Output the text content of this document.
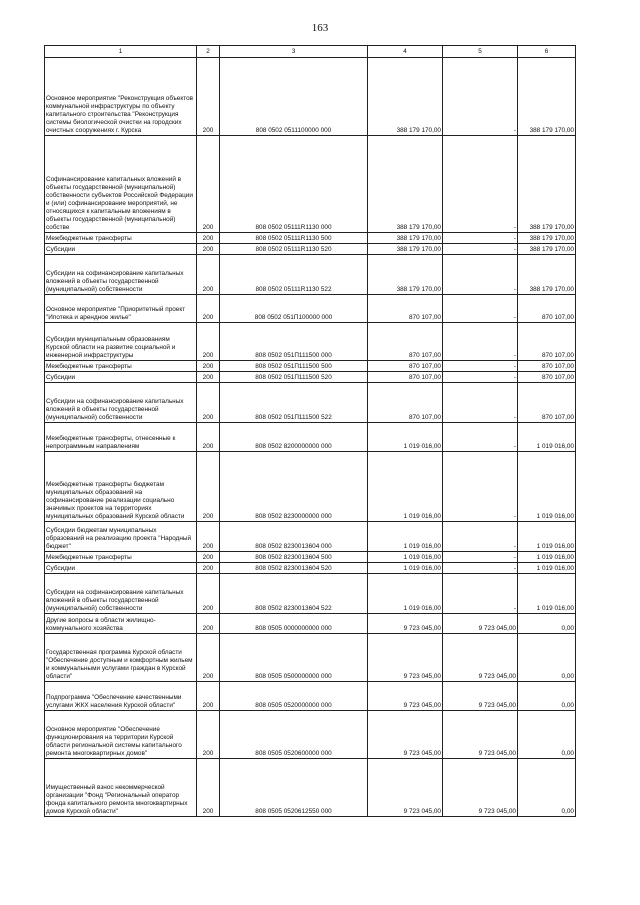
163
1	2	3	4	5	6
Основное мероприятие "Реконструкция объектов коммунальной инфраструктуры по объекту капитального строительства "Реконструкция системы биологической очистки на городских очистных сооружениях г. Курска	200	808 0502 0511100000 000	388 179 170,00	-	388 179 170,00
Софинансирование капитальных вложений в объекты государственной (муниципальной) собственности субъектов Российской Федерации и (или) софинансирование мероприятий, не относящихся к капитальным вложениям в объекты государственной (муниципальной) собстве	200	808 0502 05111R1130 000	388 179 170,00	-	388 179 170,00
Межбюджетные трансферты	200	808 0502 05111R1130 500	388 179 170,00	-	388 179 170,00
Субсидии	200	808 0502 05111R1130 520	388 179 170,00	-	388 179 170,00
Субсидии на софинансирование капитальных вложений в объекты государственной (муниципальной) собственности	200	808 0502 05111R1130 522	388 179 170,00	-	388 179 170,00
Основное мероприятие "Приоритетный проект "Ипотека и арендное жилье"	200	808 0502 051П100000 000	870 107,00	-	870 107,00
Субсидии муниципальным образованиям Курской области на развитие социальной и инженерной инфраструктуры	200	808 0502 051П111500 000	870 107,00	-	870 107,00
Межбюджетные трансферты	200	808 0502 051П111500 500	870 107,00	-	870 107,00
Субсидии	200	808 0502 051П111500 520	870 107,00	-	870 107,00
Субсидии на софинансирование капитальных вложений в объекты государственной (муниципальной) собственности	200	808 0502 051П111500 522	870 107,00	-	870 107,00
Межбюджетные трансферты, отнесенные к непрограммным направлениям	200	808 0502 8200000000 000	1 019 016,00	-	1 019 016,00
Межбюджетные трансферты бюджетам муниципальных образований на софинансирование реализации социально значимых проектов на территориях муниципальных образований Курской области	200	808 0502 8230000000 000	1 019 016,00	-	1 019 016,00
Субсидии бюджетам муниципальных образований на реализацию проекта "Народный бюджет"	200	808 0502 8230013604 000	1 019 016,00	-	1 019 016,00
Межбюджетные трансферты	200	808 0502 8230013604 500	1 019 016,00	-	1 019 016,00
Субсидии	200	808 0502 8230013604 520	1 019 016,00	-	1 019 016,00
Субсидии на софинансирование капитальных вложений в объекты государственной (муниципальной) собственности	200	808 0502 8230013604 522	1 019 016,00	-	1 019 016,00
Другие вопросы в области жилищно-коммунального хозяйства	200	808 0505 0000000000 000	9 723 045,00	9 723 045,00	0,00
Государственная программа Курской области "Обеспечение доступным и комфортным жильем и коммунальными услугами граждан в Курской области"	200	808 0505 0500000000 000	9 723 045,00	9 723 045,00	0,00
Подпрограмма "Обеспечение качественными услугами ЖКХ населения Курской области"	200	808 0505 0520000000 000	9 723 045,00	9 723 045,00	0,00
Основное мероприятие "Обеспечение функционирования на территории Курской области региональной системы капитального ремонта многоквартирных домов"	200	808 0505 0520600000 000	9 723 045,00	9 723 045,00	0,00
Имущественный взнос некоммерческой организации "Фонд "Региональный оператор фонда капитального ремонта многоквартирных домов Курской области"	200	808 0505 0520612550 000	9 723 045,00	9 723 045,00	0,00
